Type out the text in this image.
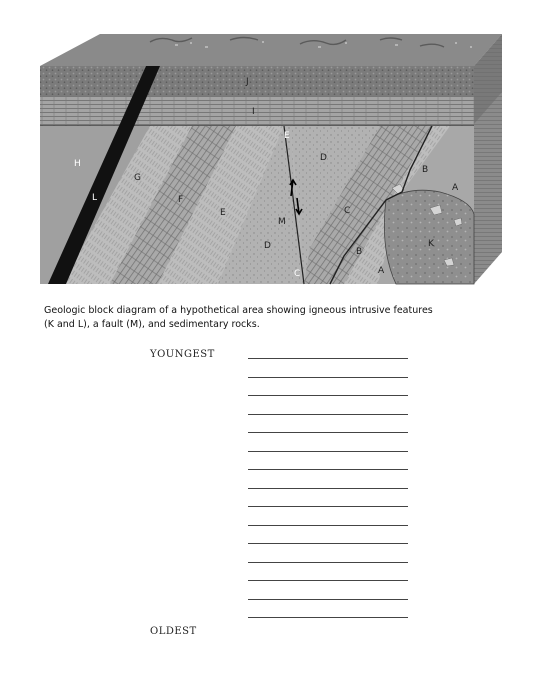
J
I
H
L
G
F
E
E
D
D
M
C
C
B
B
A
A
K
Geologic block diagram of a hypothetical area showing igneous intrusive features
(K and L), a fault (M), and sedimentary rocks.
YOUNGEST
OLDEST
